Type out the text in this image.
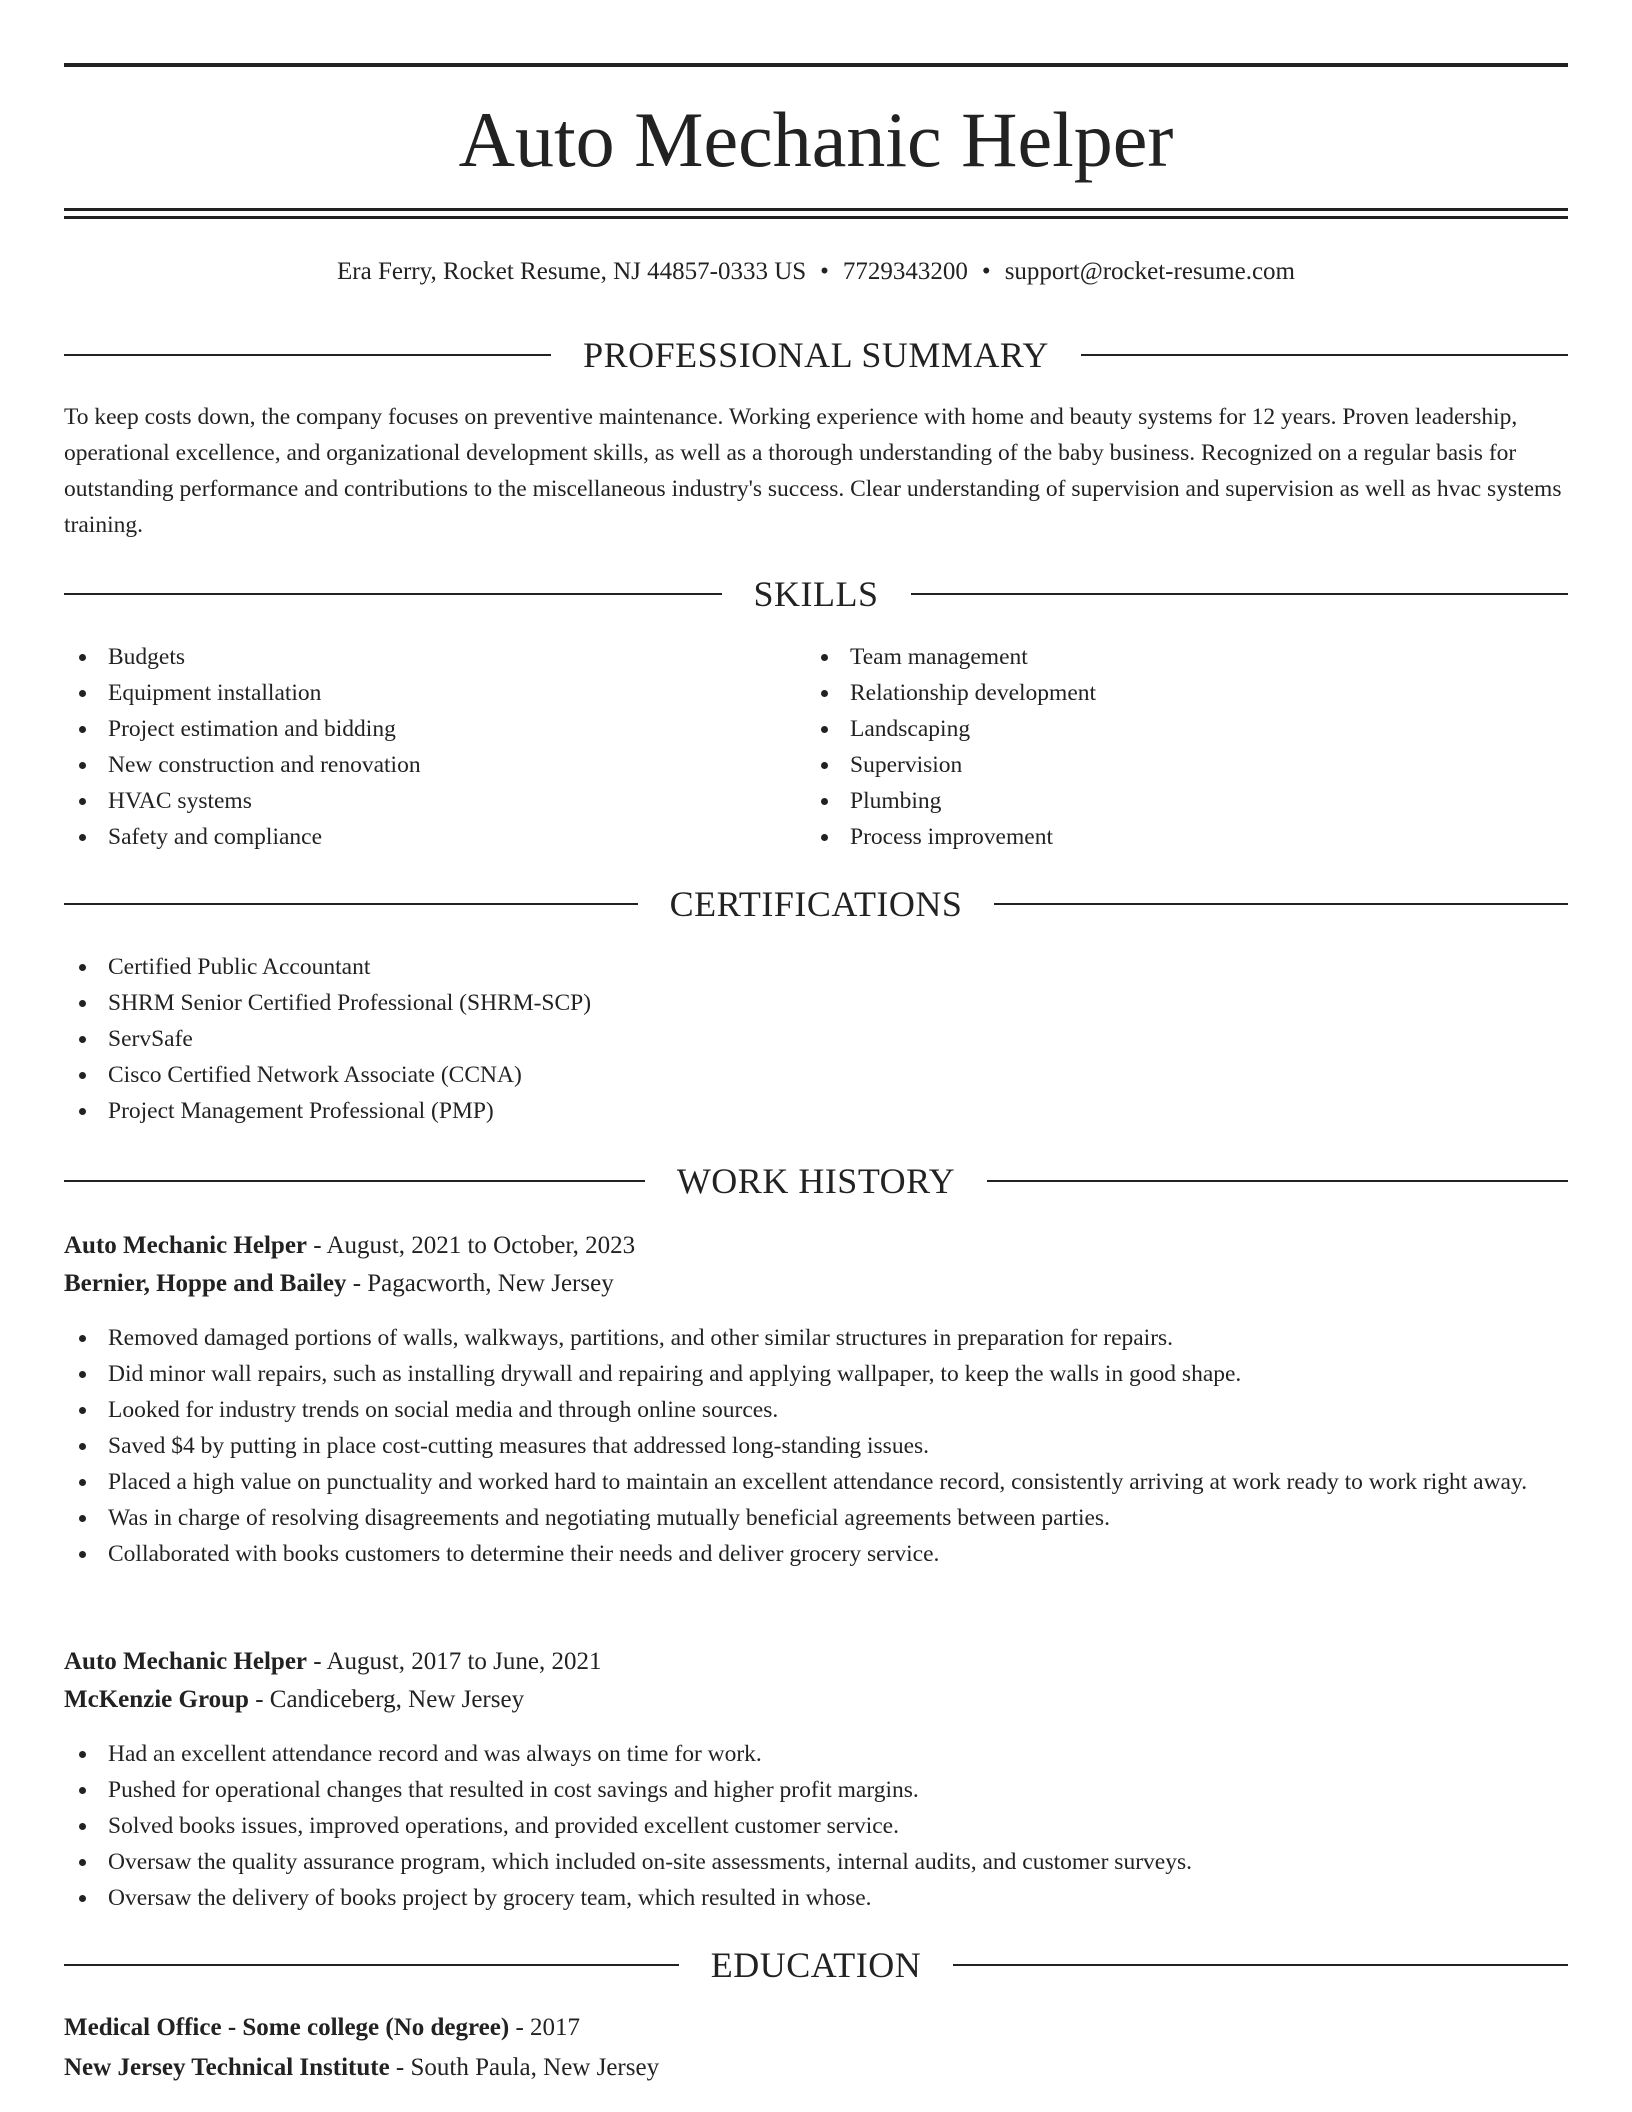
Auto Mechanic Helper
Era Ferry, Rocket Resume, NJ 44857-0333 US • 7729343200 • support@rocket-resume.com
PROFESSIONAL SUMMARY
To keep costs down, the company focuses on preventive maintenance. Working experience with home and beauty systems for 12 years. Proven leadership, operational excellence, and organizational development skills, as well as a thorough understanding of the baby business. Recognized on a regular basis for outstanding performance and contributions to the miscellaneous industry's success. Clear understanding of supervision and supervision as well as hvac systems training.
SKILLS
Budgets
Equipment installation
Project estimation and bidding
New construction and renovation
HVAC systems
Safety and compliance
Team management
Relationship development
Landscaping
Supervision
Plumbing
Process improvement
CERTIFICATIONS
Certified Public Accountant
SHRM Senior Certified Professional (SHRM-SCP)
ServSafe
Cisco Certified Network Associate (CCNA)
Project Management Professional (PMP)
WORK HISTORY
Auto Mechanic Helper - August, 2021 to October, 2023
Bernier, Hoppe and Bailey - Pagacworth, New Jersey
Removed damaged portions of walls, walkways, partitions, and other similar structures in preparation for repairs.
Did minor wall repairs, such as installing drywall and repairing and applying wallpaper, to keep the walls in good shape.
Looked for industry trends on social media and through online sources.
Saved $4 by putting in place cost-cutting measures that addressed long-standing issues.
Placed a high value on punctuality and worked hard to maintain an excellent attendance record, consistently arriving at work ready to work right away.
Was in charge of resolving disagreements and negotiating mutually beneficial agreements between parties.
Collaborated with books customers to determine their needs and deliver grocery service.
Auto Mechanic Helper - August, 2017 to June, 2021
McKenzie Group - Candiceberg, New Jersey
Had an excellent attendance record and was always on time for work.
Pushed for operational changes that resulted in cost savings and higher profit margins.
Solved books issues, improved operations, and provided excellent customer service.
Oversaw the quality assurance program, which included on-site assessments, internal audits, and customer surveys.
Oversaw the delivery of books project by grocery team, which resulted in whose.
EDUCATION
Medical Office - Some college (No degree) - 2017
New Jersey Technical Institute - South Paula, New Jersey
